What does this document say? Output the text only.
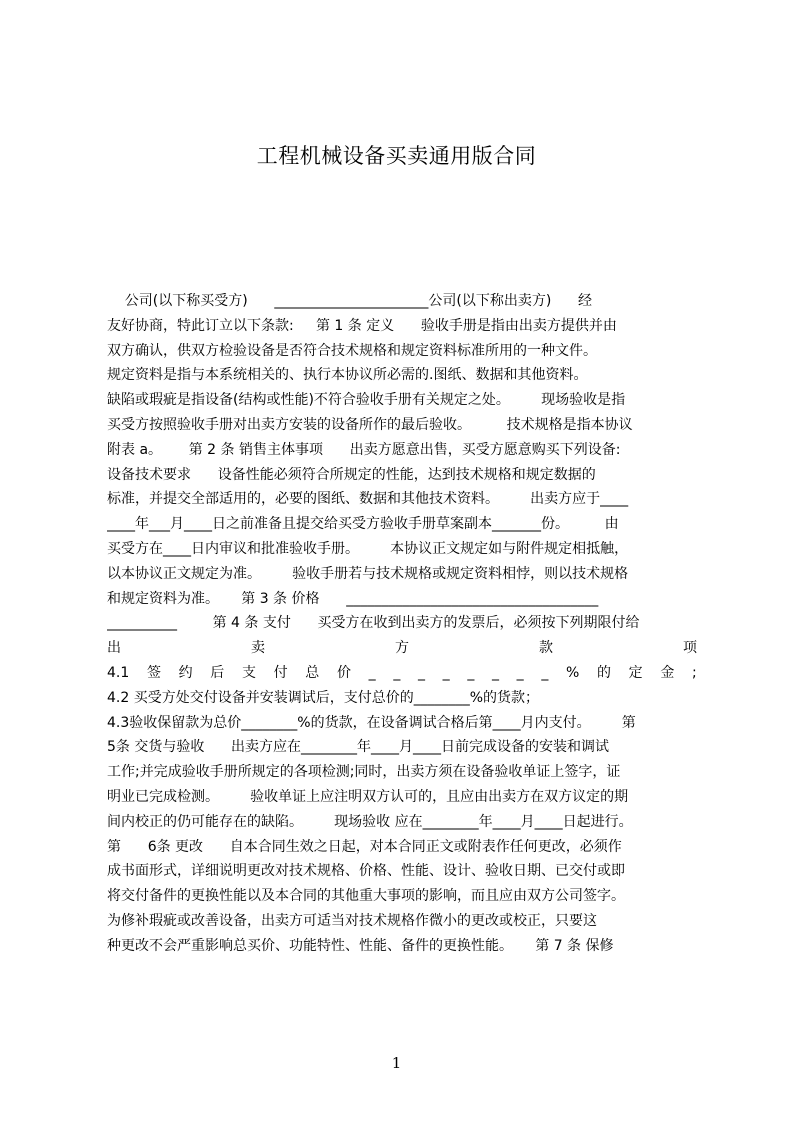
工程机械设备买卖通用版合同
公司(以下称买受方)      ______________________公司(以下称出卖方)      经
友好协商，特此订立以下条款:     第 1 条 定义      验收手册是指由出卖方提供并由
双方确认，供双方检验设备是否符合技术规格和规定资料标准所用的一种文件。
规定资料是指与本系统相关的、执行本协议所必需的.图纸、数据和其他资料。
缺陷或瑕疵是指设备(结构或性能)不符合验收手册有关规定之处。       现场验收是指
买受方按照验收手册对出卖方安装的设备所作的最后验收。        技术规格是指本协议
附表 a。      第 2 条 销售主体事项      出卖方愿意出售，买受方愿意购买下列设备:
设备技术要求      设备性能必须符合所规定的性能，达到技术规格和规定数据的
标准，并提交全部适用的，必要的图纸、数据和其他技术资料。       出卖方应于____
____年___月____日之前准备且提交给买受方验收手册草案副本_______份。        由
买受方在____日内审议和批准验收手册。       本协议正文规定如与附件规定相抵触，
以本协议正文规定为准。       验收手册若与技术规格或规定资料相悖，则以技术规格
和规定资料为准。     第 3 条 价格      ____________________________________
__________        第 4 条 支付      买受方在收到出卖方的发票后，必须按下列期限付给
出	卖	方	款	项
4.1 签 约 后 支 付 总 价 _ _ _ _ _ _ _ _ % 的 定 金 ;
4.2 买受方处交付设备并安装调试后，支付总价的________%的货款；
4.3验收保留款为总价________%的货款，在设备调试合格后第____月内支付。       第
5条 交货与验收      出卖方应在________年____月____日前完成设备的安装和调试
工作;并完成验收手册所规定的各项检测;同时，出卖方须在设备验收单证上签字，证
明业已完成检测。       验收单证上应注明双方认可的，且应由出卖方在双方议定的期
间内校正的仍可能存在的缺陷。       现场验收 应在________年____月____日起进行。
第      6条 更改      自本合同生效之日起，对本合同正文或附表作任何更改，必须作
成书面形式，详细说明更改对技术规格、价格、性能、设计、验收日期、已交付或即
将交付备件的更换性能以及本合同的其他重大事项的影响，而且应由双方公司签字。
为修补瑕疵或改善设备，出卖方可适当对技术规格作微小的更改或校正，只要这
种更改不会严重影响总买价、功能特性、性能、备件的更换性能。     第 7 条 保修
1
